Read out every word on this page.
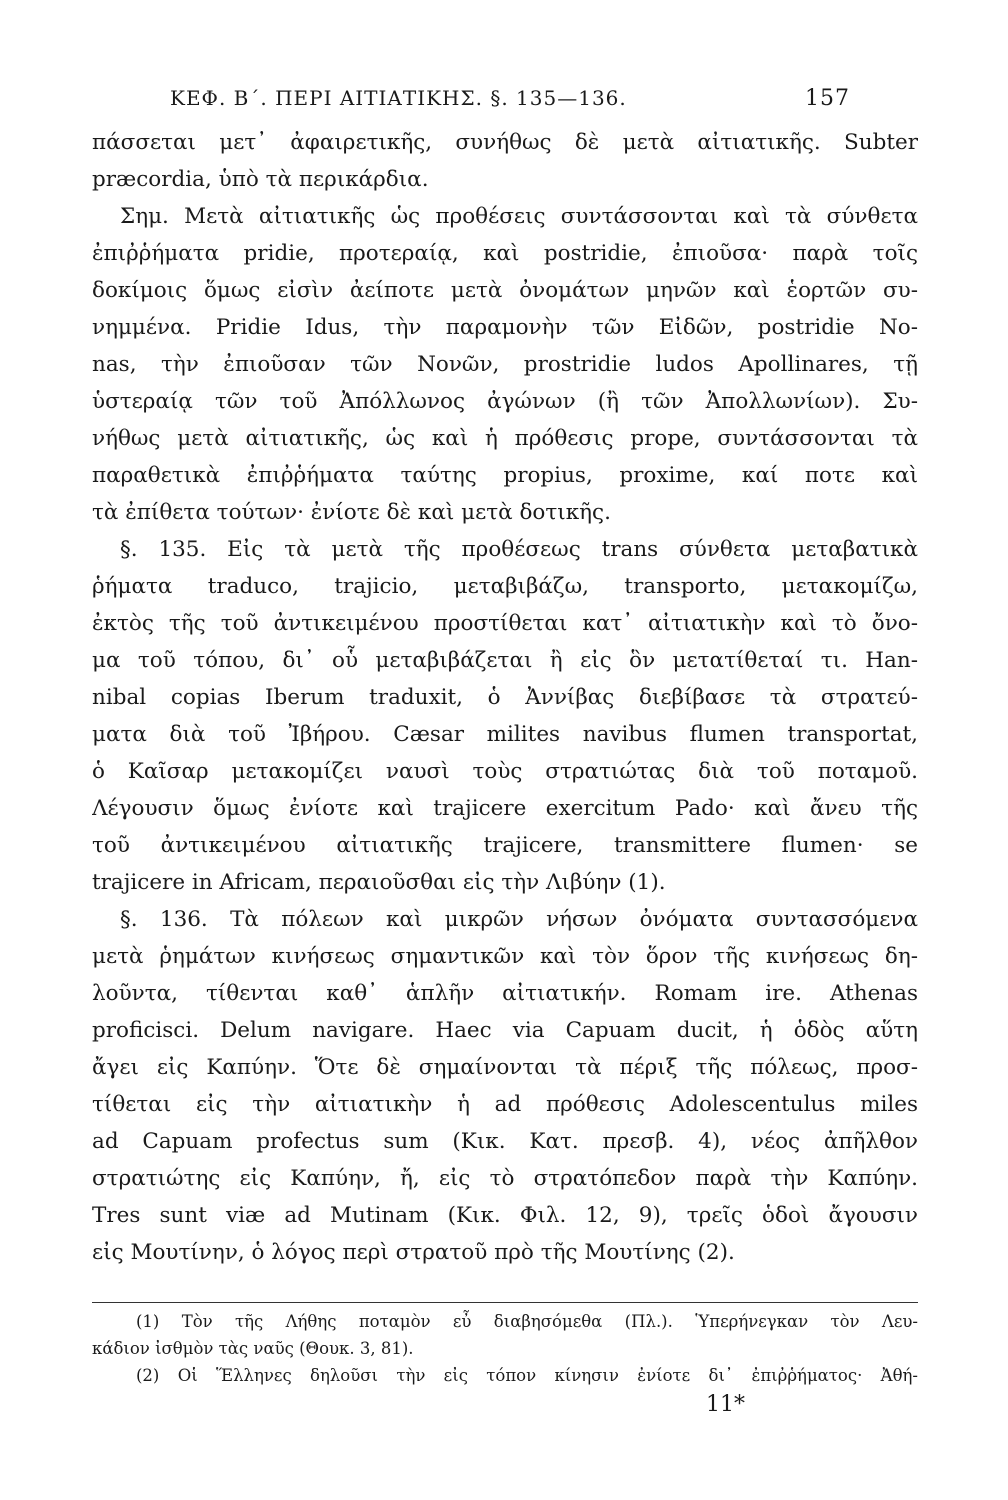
ΚΕΦ. Β΄. ΠΕΡΙ ΑΙΤΙΑΤΙΚΗΣ. §. 135—136.	157
πάσσεται μετ᾿ ἀφαιρετικῆς, συνήθως δὲ μετὰ αἰτιατικῆς. Subter
præcordia, ὑπὸ τὰ περικάρδια.
Σημ. Μετὰ αἰτιατικῆς ὡς προθέσεις συντάσσονται καὶ τὰ σύνθετα
ἐπιῤῥήματα pridie, προτεραίᾳ, καὶ postridie, ἐπιοῦσα· παρὰ τοῖς
δοκίμοις ὅμως εἰσὶν ἀείποτε μετὰ ὀνομάτων μηνῶν καὶ ἑορτῶν συ-
νημμένα. Pridie Idus, τὴν παραμονὴν τῶν Εἰδῶν, postridie No-
nas, τὴν ἐπιοῦσαν τῶν Νονῶν, prostridie ludos Apollinares, τῇ
ὑστεραίᾳ τῶν τοῦ Ἀπόλλωνος ἀγώνων (ἢ τῶν Ἀπολλωνίων). Συ-
νήθως μετὰ αἰτιατικῆς, ὡς καὶ ἡ πρόθεσις prope, συντάσσονται τὰ
παραθετικὰ ἐπιῤῥήματα ταύτης propius, proxime, καί ποτε καὶ
τὰ ἐπίθετα τούτων· ἐνίοτε δὲ καὶ μετὰ δοτικῆς.
§. 135. Εἰς τὰ μετὰ τῆς προθέσεως trans σύνθετα μεταβατικὰ
ῥήματα traduco, trajicio, μεταβιβάζω, transporto, μετακομίζω,
ἐκτὸς τῆς τοῦ ἀντικειμένου προστίθεται κατ᾿ αἰτιατικὴν καὶ τὸ ὄνο-
μα τοῦ τόπου, δι᾿ οὗ μεταβιβάζεται ἢ εἰς ὃν μετατίθεταί τι. Han-
nibal copias Iberum traduxit, ὁ Ἀννίβας διεβίβασε τὰ στρατεύ-
ματα διὰ τοῦ Ἰβήρου. Cæsar milites navibus flumen transportat,
ὁ Καῖσαρ μετακομίζει ναυσὶ τοὺς στρατιώτας διὰ τοῦ ποταμοῦ.
Λέγουσιν ὅμως ἐνίοτε καὶ trajicere exercitum Pado· καὶ ἄνευ τῆς
τοῦ ἀντικειμένου αἰτιατικῆς trajicere, transmittere flumen· se
trajicere in Africam, περαιοῦσθαι εἰς τὴν Λιβύην (1).
§. 136. Τὰ πόλεων καὶ μικρῶν νήσων ὀνόματα συντασσόμενα
μετὰ ῥημάτων κινήσεως σημαντικῶν καὶ τὸν ὅρον τῆς κινήσεως δη-
λοῦντα, τίθενται καθ᾿ ἁπλῆν αἰτιατικήν. Romam ire. Athenas
proficisci. Delum navigare. Haec via Capuam ducit, ἡ ὁδὸς αὕτη
ἄγει εἰς Καπύην. Ὅτε δὲ σημαίνονται τὰ πέριξ τῆς πόλεως, προσ-
τίθεται εἰς τὴν αἰτιατικὴν ἡ ad πρόθεσις Adolescentulus miles
ad Capuam profectus sum (Κικ. Κατ. πρεσβ. 4), νέος ἀπῆλθον
στρατιώτης εἰς Καπύην, ἤ, εἰς τὸ στρατόπεδον παρὰ τὴν Καπύην.
Tres sunt viæ ad Mutinam (Κικ. Φιλ. 12, 9), τρεῖς ὁδοὶ ἄγουσιν
εἰς Μουτίνην, ὁ λόγος περὶ στρατοῦ πρὸ τῆς Μουτίνης (2).
(1) Τὸν τῆς Λήθης ποταμὸν εὖ διαβησόμεθα (Πλ.). Ὑπερήνεγκαν τὸν Λευ-
κάδιον ἰσθμὸν τὰς ναῦς (Θουκ. 3, 81).
(2) Οἱ Ἕλληνες δηλοῦσι τὴν εἰς τόπον κίνησιν ἐνίοτε δι᾿ ἐπιῤῥήματος· Ἀθή-
11*
